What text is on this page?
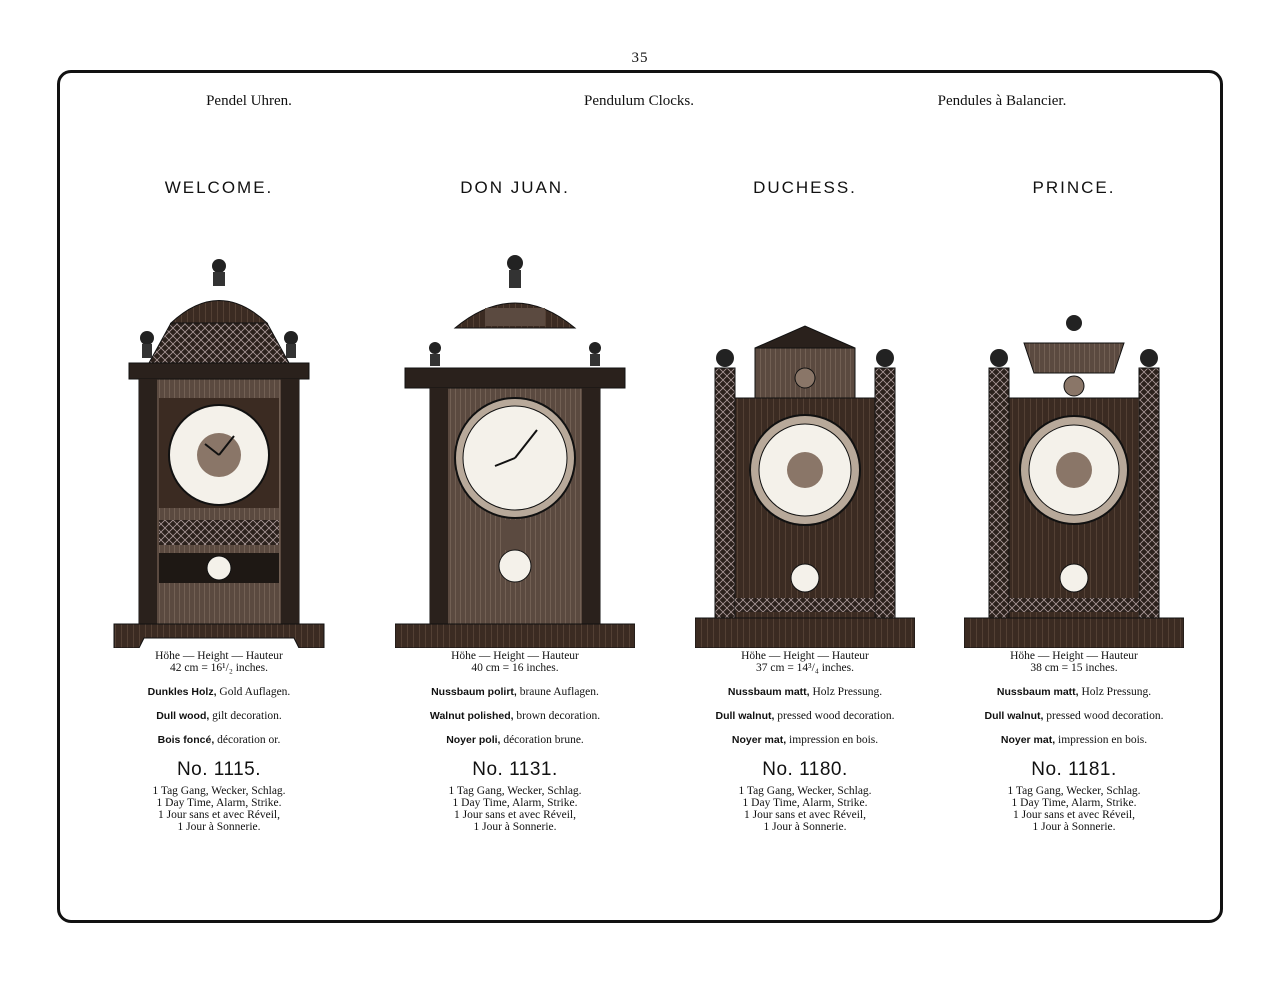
35
Pendel Uhren.	Pendulum Clocks.	Pendules à Balancier.
WELCOME.
Höhe — Height — Hauteur
42 cm = 16¹/₂ inches.
Dunkles Holz, Gold Auflagen.
Dull wood, gilt decoration.
Bois foncé, décoration or.
No. 1115.
1 Tag Gang, Wecker, Schlag.
1 Day Time, Alarm, Strike.
1 Jour sans et avec Réveil,
1 Jour à Sonnerie.
DON JUAN.
Höhe — Height — Hauteur
40 cm = 16 inches.
Nussbaum polirt, braune Auflagen.
Walnut polished, brown decoration.
Noyer poli, décoration brune.
No. 1131.
1 Tag Gang, Wecker, Schlag.
1 Day Time, Alarm, Strike.
1 Jour sans et avec Réveil,
1 Jour à Sonnerie.
DUCHESS.
Höhe — Height — Hauteur
37 cm = 14³/₄ inches.
Nussbaum matt, Holz Pressung.
Dull walnut, pressed wood decoration.
Noyer mat, impression en bois.
No. 1180.
1 Tag Gang, Wecker, Schlag.
1 Day Time, Alarm, Strike.
1 Jour sans et avec Réveil,
1 Jour à Sonnerie.
PRINCE.
Höhe — Height — Hauteur
38 cm = 15 inches.
Nussbaum matt, Holz Pressung.
Dull walnut, pressed wood decoration.
Noyer mat, impression en bois.
No. 1181.
1 Tag Gang, Wecker, Schlag.
1 Day Time, Alarm, Strike.
1 Jour sans et avec Réveil,
1 Jour à Sonnerie.
